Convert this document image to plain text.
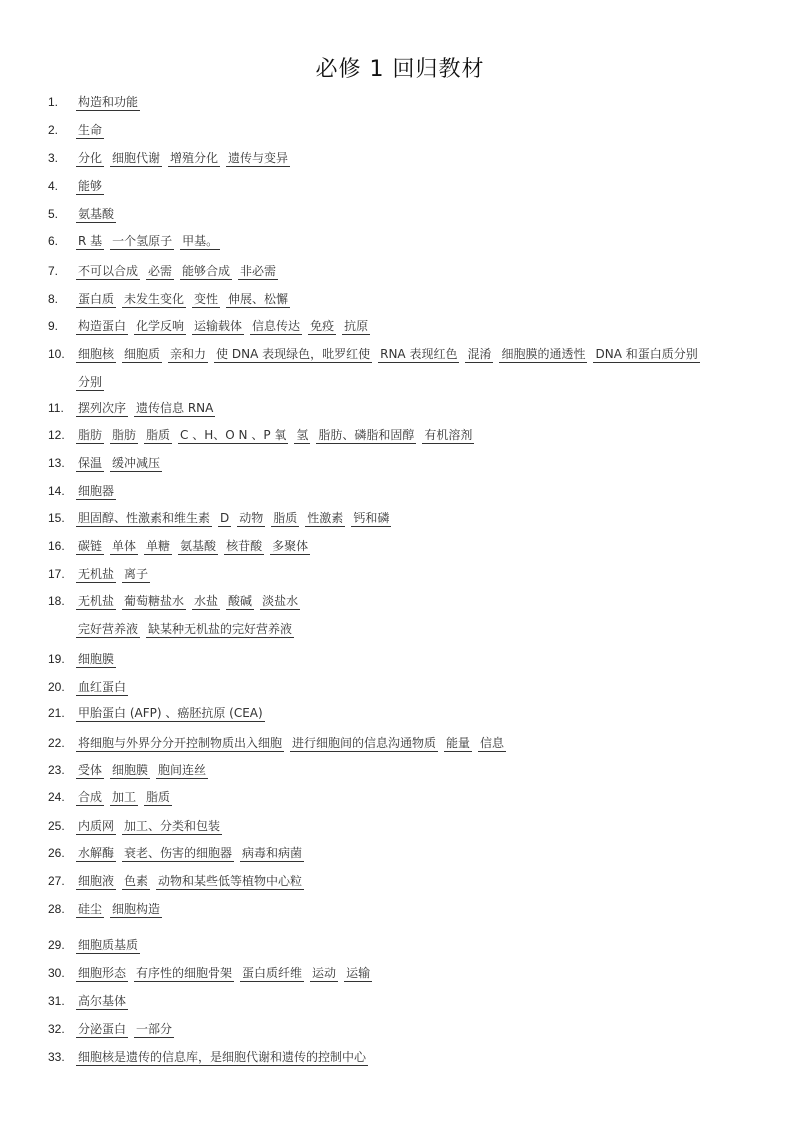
必修 1 回归教材
1.	构造和功能
2.	生命
3.	分化 细胞代谢 增殖分化 遗传与变异
4.	能够
5.	氨基酸
6.	R 基 一个氢原子 甲基。
7.	不可以合成 必需 能够合成 非必需
8.	蛋白质 未发生变化 变性 伸展、松懈
9.	构造蛋白 化学反响 运输载体 信息传达 免疫 抗原
10.	细胞核 细胞质 亲和力 使 DNA 表现绿色，吡罗红使 RNA 表现红色 混淆 细胞膜的通透性 DNA 和蛋白质分别
分别
11.	摆列次序 遗传信息 RNA
12.	脂肪 脂肪 脂质 C 、H、O N 、P 氧 氢 脂肪、磷脂和固醇 有机溶剂
13.	保温 缓冲减压
14.	细胞器
15.	胆固醇、性激素和维生素 D 动物 脂质 性激素 钙和磷
16.	碳链 单体 单糖 氨基酸 核苷酸 多聚体
17.	无机盐 离子
18.	无机盐 葡萄糖盐水 水盐 酸碱 淡盐水
完好营养液 缺某种无机盐的完好营养液
19.	细胞膜
20.	血红蛋白
21.	甲胎蛋白 (AFP) 、癌胚抗原 (CEA)
22.	将细胞与外界分分开控制物质出入细胞 进行细胞间的信息沟通物质 能量 信息
23.	受体 细胞膜 胞间连丝
24.	合成 加工 脂质
25.	内质网 加工、分类和包装
26.	水解酶 衰老、伤害的细胞器 病毒和病菌
27.	细胞液 色素 动物和某些低等植物中心粒
28.	硅尘 细胞构造
29.	细胞质基质
30.	细胞形态 有序性的细胞骨架 蛋白质纤维 运动 运输
31.	高尔基体
32.	分泌蛋白 一部分
33.	细胞核是遗传的信息库，是细胞代谢和遗传的控制中心
